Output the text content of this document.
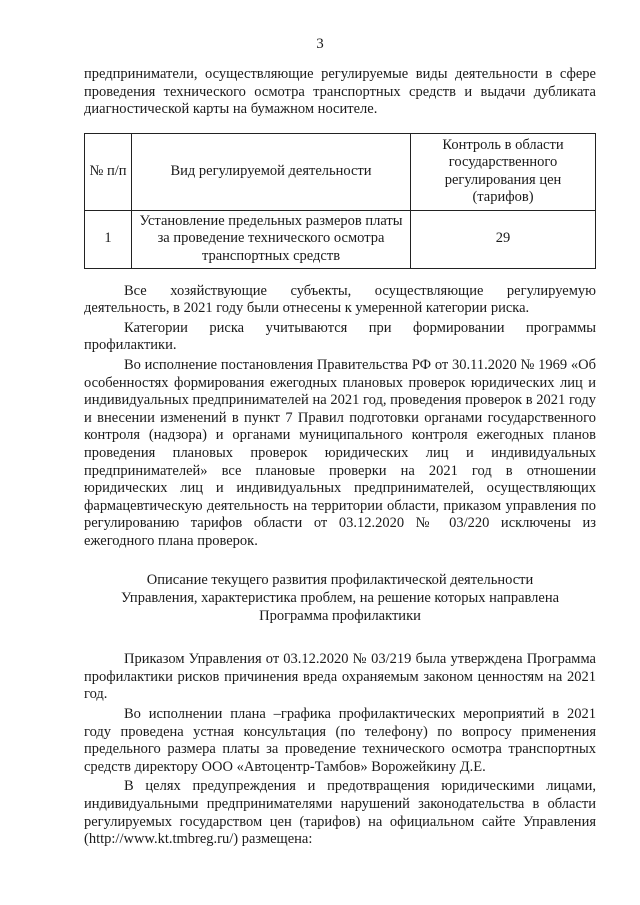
3

предприниматели, осуществляющие регулируемые виды деятельности в сфере проведения технического осмотра транспортных средств и выдачи дубликата диагностической карты на бумажном носителе.

№ п/п	Вид регулируемой деятельности	Контроль в области государственного регулирования цен (тарифов)
1	Установление предельных размеров платы за проведение технического осмотра транспортных средств	29

Все хозяйствующие субъекты, осуществляющие регулируемую деятельность, в 2021 году были отнесены к умеренной категории риска.

Категории риска учитываются при формировании программы профилактики.

Во исполнение постановления Правительства РФ от 30.11.2020 № 1969 «Об особенностях формирования ежегодных плановых проверок юридических лиц и индивидуальных предпринимателей на 2021 год, проведения проверок в 2021 году и внесении изменений в пункт 7 Правил подготовки органами государственного контроля (надзора) и органами муниципального контроля ежегодных планов проведения плановых проверок юридических лиц и индивидуальных предпринимателей» все плановые проверки на 2021 год в отношении юридических лиц и индивидуальных предпринимателей, осуществляющих фармацевтическую деятельность на территории области, приказом управления по регулированию тарифов области от 03.12.2020 № 03/220 исключены из ежегодного плана проверок.

Описание текущего развития профилактической деятельности
Управления, характеристика проблем, на решение которых направлена
Программа профилактики

Приказом Управления от 03.12.2020 № 03/219 была утверждена Программа профилактики рисков причинения вреда охраняемым законом ценностям на 2021 год.

Во исполнении плана –графика профилактических мероприятий в 2021 году проведена устная консультация (по телефону) по вопросу применения предельного размера платы за проведение технического осмотра транспортных средств директору ООО «Автоцентр-Тамбов» Ворожейкину Д.Е.

В целях предупреждения и предотвращения юридическими лицами, индивидуальными предпринимателями нарушений законодательства в области регулируемых государством цен (тарифов) на официальном сайте Управления (http://www.kt.tmbreg.ru/) размещена:
